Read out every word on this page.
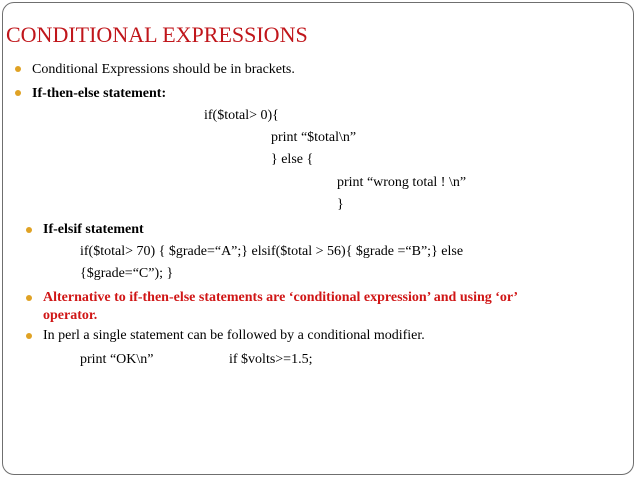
CONDITIONAL EXPRESSIONS
Conditional Expressions should be in brackets.
If-then-else statement:
if($total> 0){
print “$total\n”
} else {
print “wrong total ! \n”
}
If-elsif statement
if($total> 70) { $grade=“A”;} elsif($total > 56){ $grade =“B”;} else
{$grade=“C”); }
Alternative to if-then-else statements are ‘conditional expression’ and using ‘or’
operator.
In perl a single statement can be followed by a conditional modifier.
print “OK\n”	if $volts>=1.5;
